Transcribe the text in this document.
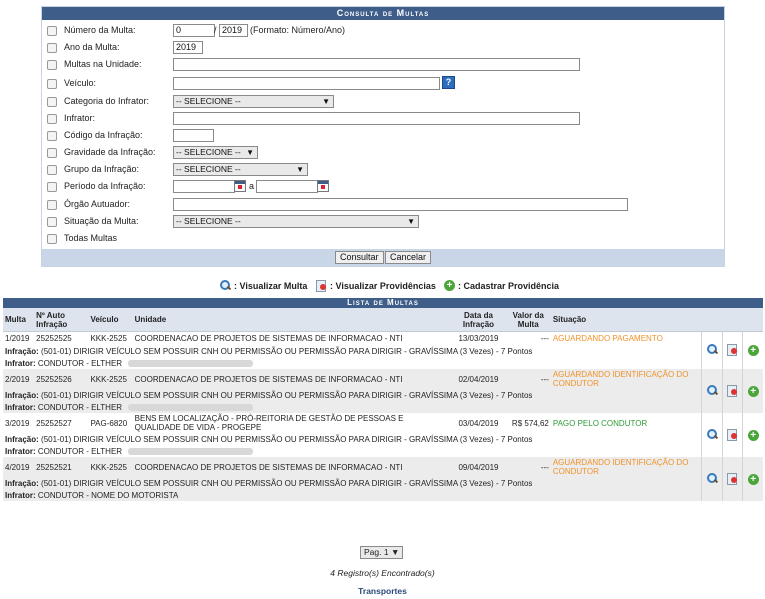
Consulta de Multas
Número da Multa:	0	/ 2019 (Formato: Número/Ano)
Ano da Multa:	2019
Multas na Unidade:
Veículo:	?
Categoria do Infrator:	-- SELECIONE --	▼
Infrator:
Código da Infração:
Gravidade da Infração:	-- SELECIONE -- ▼
Grupo da Infração:	-- SELECIONE --	▼
Período da Infração:	a
Órgão Autuador:
Situação da Multa:	-- SELECIONE --	▼
Todas Multas
Consultar	Cancelar
: Visualizar Multa	: Visualizar Providências + : Cadastrar Providência
Lista de Multas
Multa	Nº Auto Infração	Veículo	Unidade	Data da Infração	Valor da Multa	Situação			
1/2019	25252525	KKK-2525	COORDENACAO DE PROJETOS DE SISTEMAS DE INFORMACAO - NTI	13/03/2019	---	AGUARDANDO PAGAMENTO			+
Infração: (501-01) DIRIGIR VEÍCULO SEM POSSUIR CNH OU PERMISSÃO OU PERMISSÃO PARA DIRIGIR - GRAVÍSSIMA (3 Vezes) - 7 Pontos									
Infrator: CONDUTOR - ELTHER									
2/2019	25252526	KKK-2525	COORDENACAO DE PROJETOS DE SISTEMAS DE INFORMACAO - NTI	02/04/2019	---	AGUARDANDO IDENTIFICAÇÃO DO CONDUTOR			+
Infração: (501-01) DIRIGIR VEÍCULO SEM POSSUIR CNH OU PERMISSÃO OU PERMISSÃO PARA DIRIGIR - GRAVÍSSIMA (3 Vezes) - 7 Pontos									
Infrator: CONDUTOR - ELTHER									
3/2019	25252527	PAG-6820	BENS EM LOCALIZAÇÃO - PRÓ-REITORIA DE GESTÃO DE PESSOAS E QUALIDADE DE VIDA - PROGEPE	03/04/2019	R$ 574,62	PAGO PELO CONDUTOR			+
Infração: (501-01) DIRIGIR VEÍCULO SEM POSSUIR CNH OU PERMISSÃO OU PERMISSÃO PARA DIRIGIR - GRAVÍSSIMA (3 Vezes) - 7 Pontos									
Infrator: CONDUTOR - ELTHER									
4/2019	25252521	KKK-2525	COORDENACAO DE PROJETOS DE SISTEMAS DE INFORMACAO - NTI	09/04/2019	---	AGUARDANDO IDENTIFICAÇÃO DO CONDUTOR			+
Infração: (501-01) DIRIGIR VEÍCULO SEM POSSUIR CNH OU PERMISSÃO OU PERMISSÃO PARA DIRIGIR - GRAVÍSSIMA (3 Vezes) - 7 Pontos									
Infrator: CONDUTOR - NOME DO MOTORISTA									
Pag. 1 ▼
4 Registro(s) Encontrado(s)
Transportes
